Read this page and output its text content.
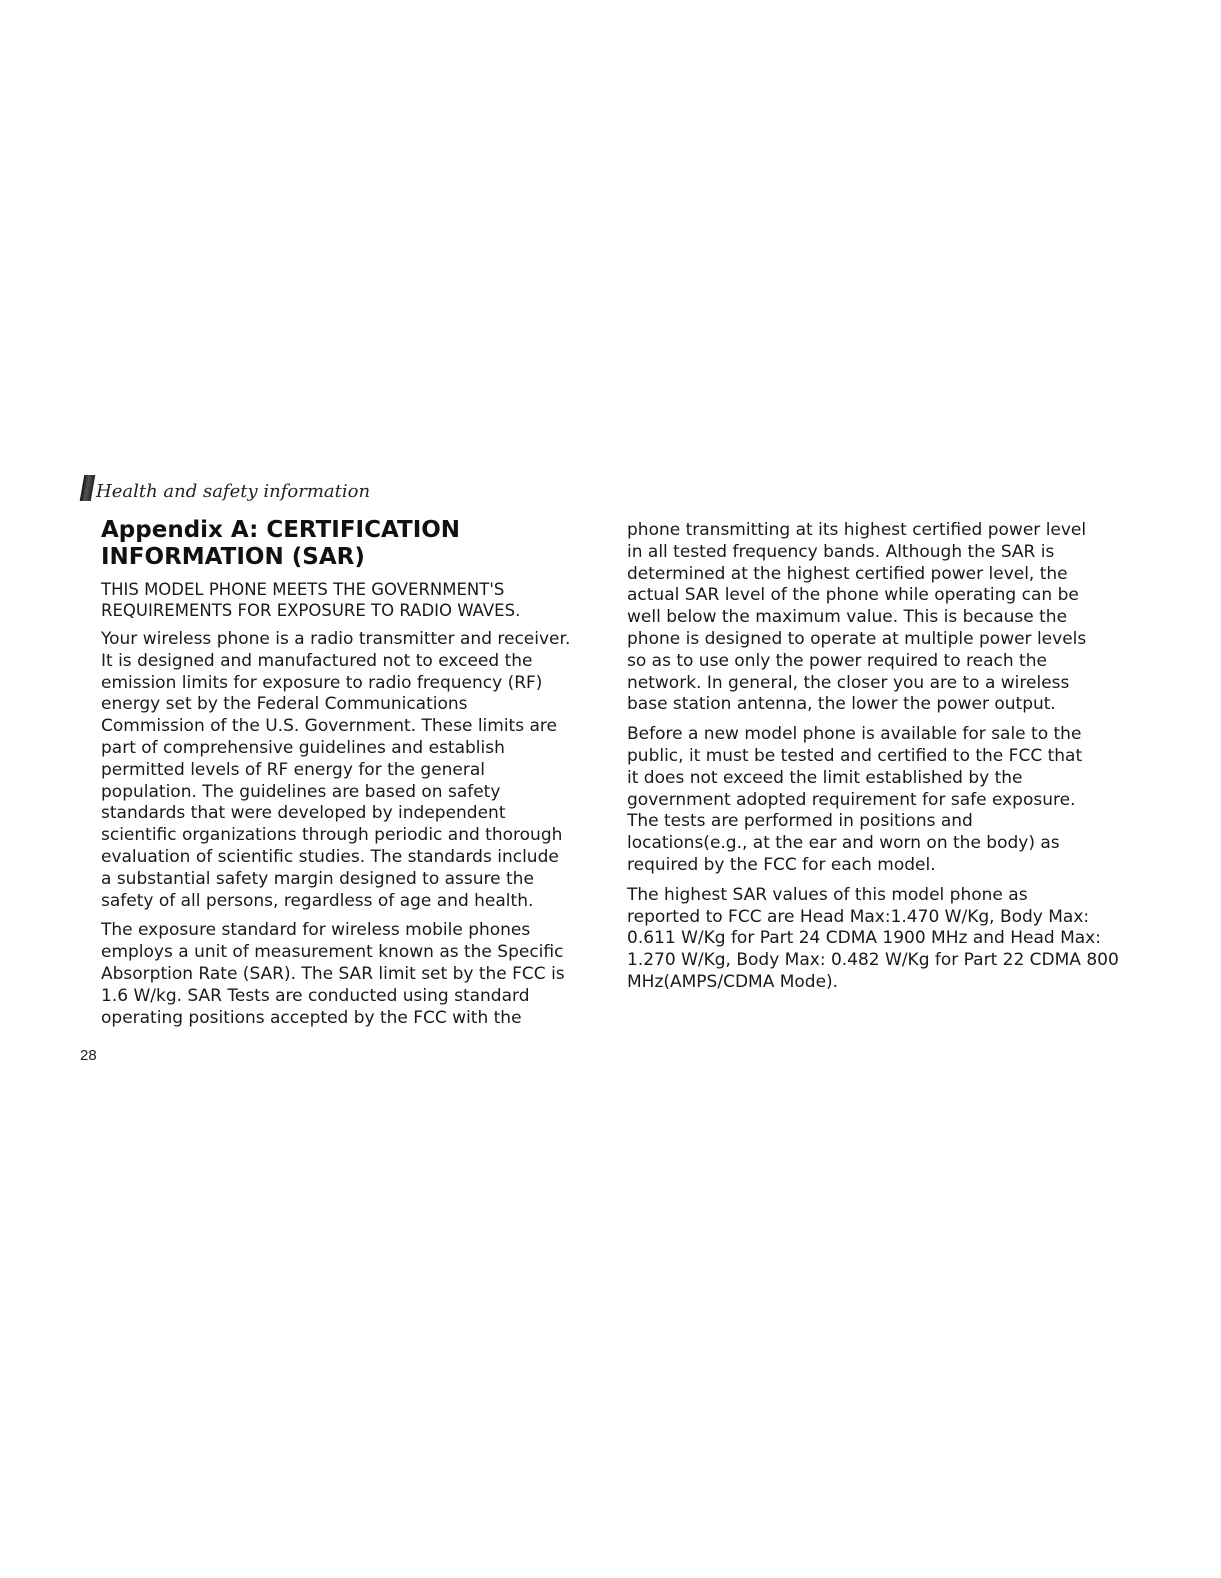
Health and safety information
Appendix A: CERTIFICATION
INFORMATION (SAR)

THIS MODEL PHONE MEETS THE GOVERNMENT'S
REQUIREMENTS FOR EXPOSURE TO RADIO WAVES.

Your wireless phone is a radio transmitter and receiver.
It is designed and manufactured not to exceed the
emission limits for exposure to radio frequency (RF)
energy set by the Federal Communications
Commission of the U.S. Government. These limits are
part of comprehensive guidelines and establish
permitted levels of RF energy for the general
population. The guidelines are based on safety
standards that were developed by independent
scientific organizations through periodic and thorough
evaluation of scientific studies. The standards include
a substantial safety margin designed to assure the
safety of all persons, regardless of age and health.

The exposure standard for wireless mobile phones
employs a unit of measurement known as the Specific
Absorption Rate (SAR). The SAR limit set by the FCC is
1.6 W/kg. SAR Tests are conducted using standard
operating positions accepted by the FCC with the

phone transmitting at its highest certified power level
in all tested frequency bands. Although the SAR is
determined at the highest certified power level, the
actual SAR level of the phone while operating can be
well below the maximum value. This is because the
phone is designed to operate at multiple power levels
so as to use only the power required to reach the
network. In general, the closer you are to a wireless
base station antenna, the lower the power output.

Before a new model phone is available for sale to the
public, it must be tested and certified to the FCC that
it does not exceed the limit established by the
government adopted requirement for safe exposure.
The tests are performed in positions and
locations(e.g., at the ear and worn on the body) as
required by the FCC for each model.

The highest SAR values of this model phone as
reported to FCC are Head Max:1.470 W/Kg, Body Max:
0.611 W/Kg for Part 24 CDMA 1900 MHz and Head Max:
1.270 W/Kg, Body Max: 0.482 W/Kg for Part 22 CDMA 800
MHz(AMPS/CDMA Mode).

28
